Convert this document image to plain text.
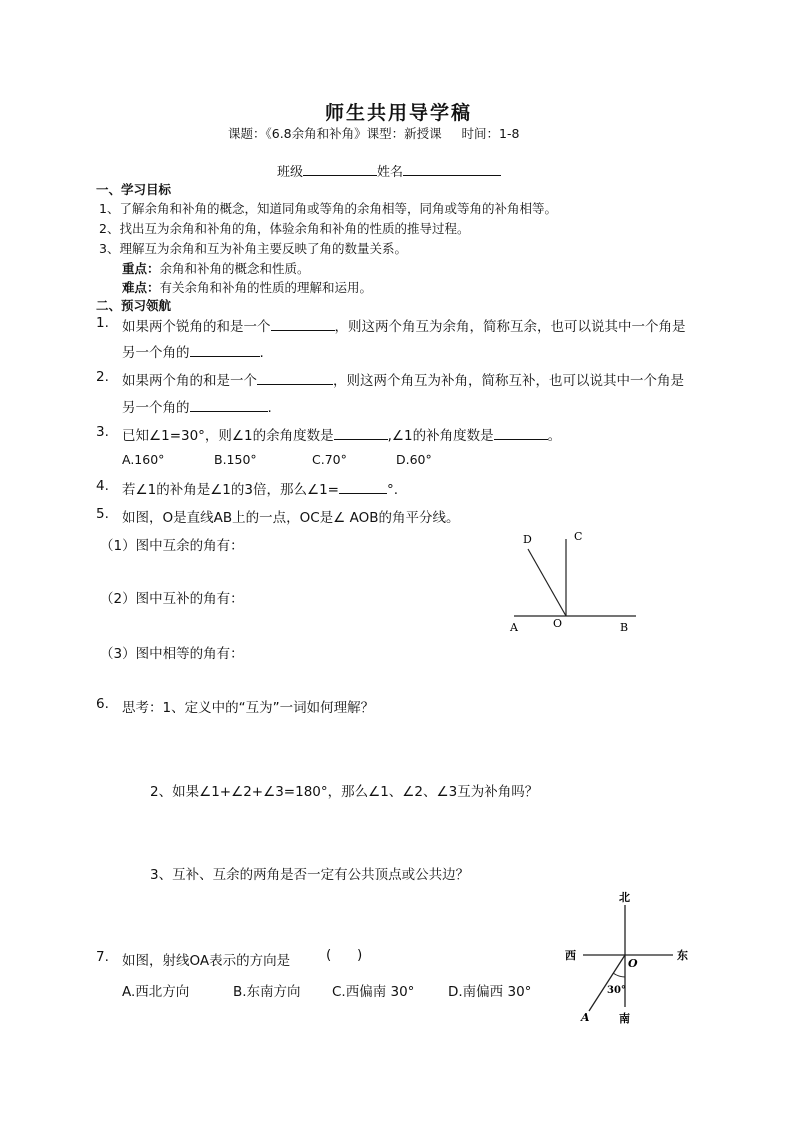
师生共用导学稿
课题：《6.8余角和补角》课型：新授课     时间：1-8
班级	姓名
一、学习目标
1、了解余角和补角的概念，知道同角或等角的余角相等，同角或等角的补角相等。
2、找出互为余角和补角的角，体验余角和补角的性质的推导过程。
3、理解互为余角和互为补角主要反映了角的数量关系。
重点：余角和补角的概念和性质。
难点：有关余角和补角的性质的理解和运用。
二、预习领航
1. 如果两个锐角的和是一个	，则这两个角互为余角，简称互余，也可以说其中一个角是
另一个角的	.
2. 如果两个角的和是一个	，则这两个角互为补角，简称互补，也可以说其中一个角是
另一个角的	.
3. 已知∠1=30°，则∠1的余角度数是	,∠1的补角度数是	。
A.160°	B.150°	C.70°	D.60°
4. 若∠1的补角是∠1的3倍，那么∠1=	°.
5. 如图，O是直线AB上的一点，OC是∠ AOB的角平分线。
（1）图中互余的角有：
（2）图中互补的角有：
（3）图中相等的角有：
A	O	B
C
D
6. 思考：1、定义中的“互为”一词如何理解？
2、如果∠1+∠2+∠3=180°，那么∠1、∠2、∠3互为补角吗？
3、互补、互余的两角是否一定有公共顶点或公共边？
7. 如图，射线OA表示的方向是	(      )
A.西北方向	B.东南方向 C.西偏南 30° D.南偏西 30°
北
南
西	东
O
A
30°
